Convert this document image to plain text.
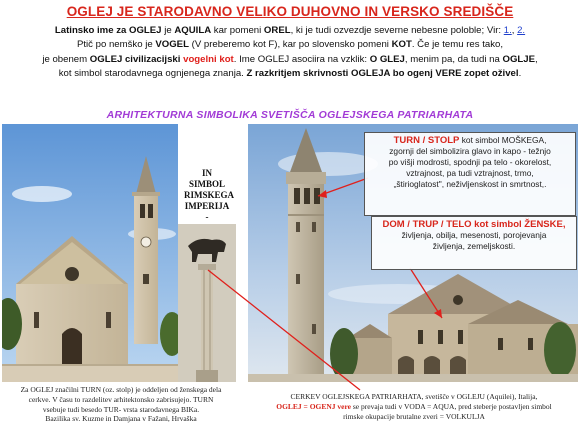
OGLEJ JE STARODAVNO VELIKO DUHOVNO IN VERSKO SREDIŠČE
Latinsko ime za OGLEJ je AQUILA kar pomeni OREL, ki je tudi ozvezdje severne nebesne poloble; Vir: 1., 2.
Ptič po nemško je VOGEL (V preberemo kot F), kar po slovensko pomeni KOT. Če je temu res tako,
je obenem OGLEJ civilizacijski vogelni kot. Ime OGLEJ asociira na vzklik: O GLEJ, menim pa, da tudi na OGLJE,
kot simbol starodavnega ognjenega znanja. Z razkritjem skrivnosti OGLEJA bo ogenj VERE zopet oživel.
ARHITEKTURNA SIMBOLIKA SVETIŠČA OGLEJSKEGA PATRIARHATA
IN SIMBOL
RIMSKEGA
IMPERIJA -
TURN / STOLP kot simbol MOŠKEGA,
zgornji del simbolizira glavo in kapo - težnjo
po višji modrosti, spodnji pa telo - okorelost,
vztrajnost, pa tudi vztrajnost, trmo,
„štirioglatost", neživljenskost in smrtnost,.
DOM / TRUP / TELO kot simbol ŽENSKE,
življenja, obilja, mesenosti, porojevanja
življenja, zemeljskosti.
Za OGLEJ značilni TURN (oz. stolp) je oddeljen od ženskega dela
cerkve. V času to razdelitev arhitektonsko zabrisujejo. TURN
vsebuje tudi besedo TUR- vrsta starodavnega BIKa.
Bazilika sv. Kuzme in Damjana v Fažani, Hrvaška
CERKEV OGLEJSKEGA PATRIARHATA, svetišče v OGLEJU (Aquilei), Italija,
OGLEJ = OGENJ vere se prevaja tudi v VODA = AQUA, pred steberje postavljen simbol
rimske okupacije brutalne zveri = VOLKULJA
